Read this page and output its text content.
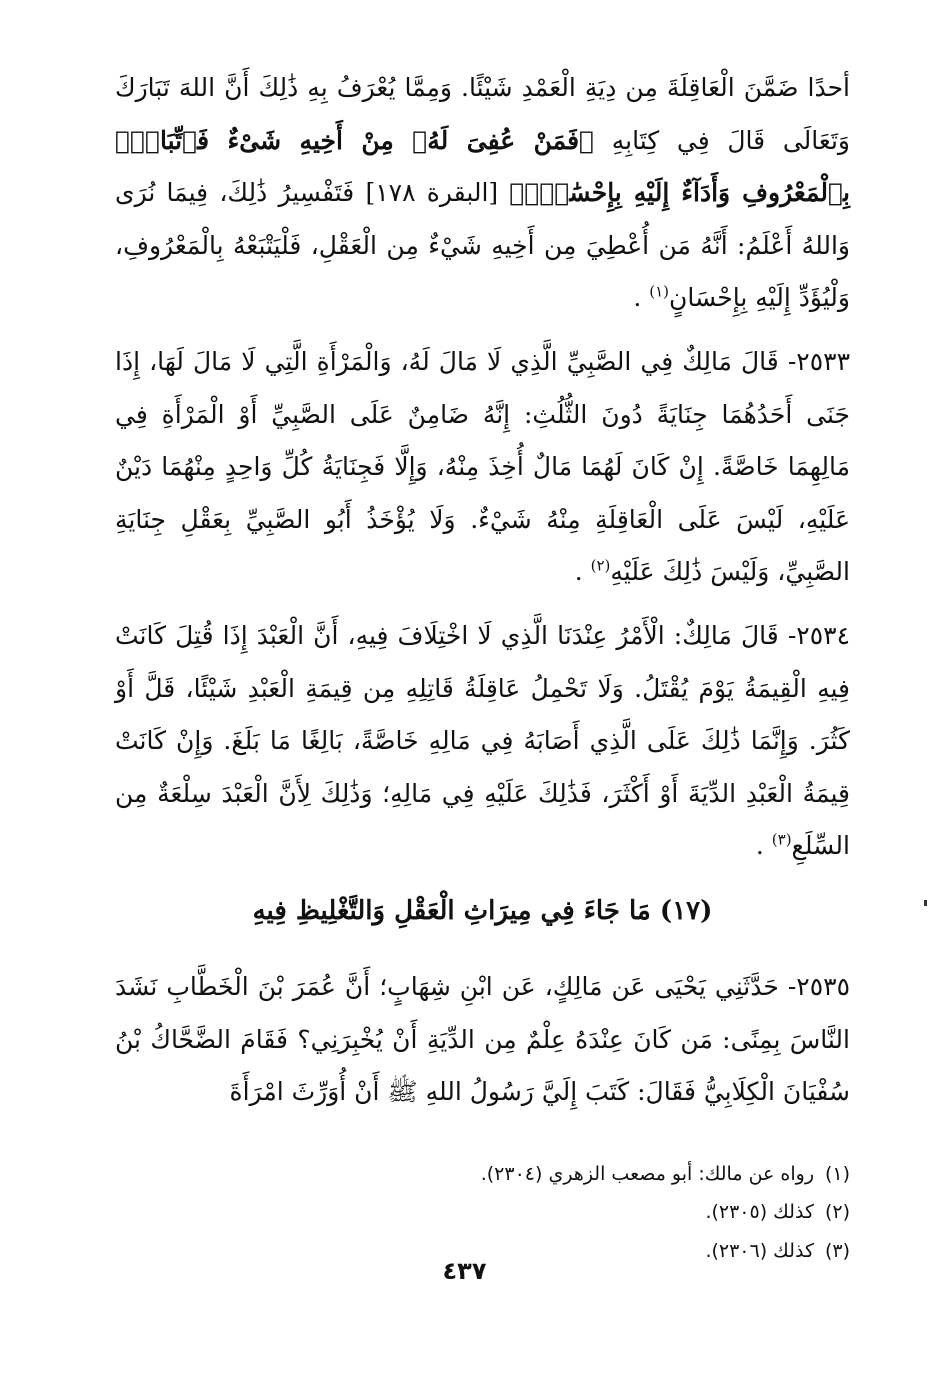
أحدًا ضَمَّنَ الْعَاقِلَةَ مِن دِيَةِ الْعَمْدِ شَيْئًا. وَمِمَّا يُعْرَفُ بِهِ ذَٰلِكَ أَنَّ اللهَ تَبَارَكَ وَتَعَالَى قَالَ فِي كِتَابِهِ ﴿فَمَنْ عُفِىَ لَهُۥ مِنْ أَخِيهِ شَىْءٌ فَٱتِّبَاعٌۢ بِٱلْمَعْرُوفِ وَأَدَآءٌ إِلَيْهِ بِإِحْسَٰنٍۢ﴾ [البقرة ١٧٨] فَتَفْسِيرُ ذَٰلِكَ، فِيمَا نُرَى وَاللهُ أَعْلَمُ: أَنَّهُ مَن أُعْطِيَ مِن أَخِيهِ شَيْءٌ مِن الْعَقْلِ، فَلْيَتْبَعْهُ بِالْمَعْرُوفِ، وَلْيُؤَدِّ إِلَيْهِ بِإِحْسَانٍ$^{(١)}$ .

٢٥٣٣- قَالَ مَالِكٌ فِي الصَّبِيِّ الَّذِي لَا مَالَ لَهُ، وَالْمَرْأَةِ الَّتِي لَا مَالَ لَهَا، إِذَا جَنَى أَحَدُهُمَا جِنَايَةً دُونَ الثُّلُثِ: إِنَّهُ ضَامِنٌ عَلَى الصَّبِيِّ أَوْ الْمَرْأَةِ فِي مَالِهِمَا خَاصَّةً. إِنْ كَانَ لَهُمَا مَالٌ أُخِذَ مِنْهُ، وَإِلَّا فَجِنَايَةُ كُلِّ وَاحِدٍ مِنْهُمَا دَيْنٌ عَلَيْهِ، لَيْسَ عَلَى الْعَاقِلَةِ مِنْهُ شَيْءٌ. وَلَا يُؤْخَذُ أَبُو الصَّبِيِّ بِعَقْلِ جِنَايَةِ الصَّبِيِّ، وَلَيْسَ ذَٰلِكَ عَلَيْهِ$^{(٢)}$ .

٢٥٣٤- قَالَ مَالِكٌ: الْأَمْرُ عِنْدَنَا الَّذِي لَا اخْتِلَافَ فِيهِ، أَنَّ الْعَبْدَ إِذَا قُتِلَ كَانَتْ فِيهِ الْقِيمَةُ يَوْمَ يُقْتَلُ. وَلَا تَحْمِلُ عَاقِلَةُ قَاتِلِهِ مِن قِيمَةِ الْعَبْدِ شَيْئًا، قَلَّ أَوْ كَثُرَ. وَإِنَّمَا ذَٰلِكَ عَلَى الَّذِي أَصَابَهُ فِي مَالِهِ خَاصَّةً، بَالِغًا مَا بَلَغَ. وَإِنْ كَانَتْ قِيمَةُ الْعَبْدِ الدِّيَةَ أَوْ أَكْثَرَ، فَذَٰلِكَ عَلَيْهِ فِي مَالِهِ؛ وَذَٰلِكَ لِأَنَّ الْعَبْدَ سِلْعَةٌ مِن السِّلَعِ$^{(٣)}$ .

(١٧) مَا جَاءَ فِي مِيرَاثِ الْعَقْلِ وَالتَّغْلِيظِ فِيهِ

٢٥٣٥- حَدَّثَنِي يَحْيَى عَن مَالِكٍ، عَن ابْنِ شِهَابٍ؛ أَنَّ عُمَرَ بْنَ الْخَطَّابِ نَشَدَ النَّاسَ بِمِنًى: مَن كَانَ عِنْدَهُ عِلْمٌ مِن الدِّيَةِ أَنْ يُخْبِرَنِي؟ فَقَامَ الضَّحَّاكُ بْنُ سُفْيَانَ الْكِلَابِيُّ فَقَالَ: كَتَبَ إِلَيَّ رَسُولُ اللهِ ﷺ أَنْ أُوَرِّثَ امْرَأَةَ

(١)رواه عن مالك: أبو مصعب الزهري (٢٣٠٤).

(٢)كذلك (٢٣٠٥).

(٣)كذلك (٢٣٠٦).

٤٣٧
